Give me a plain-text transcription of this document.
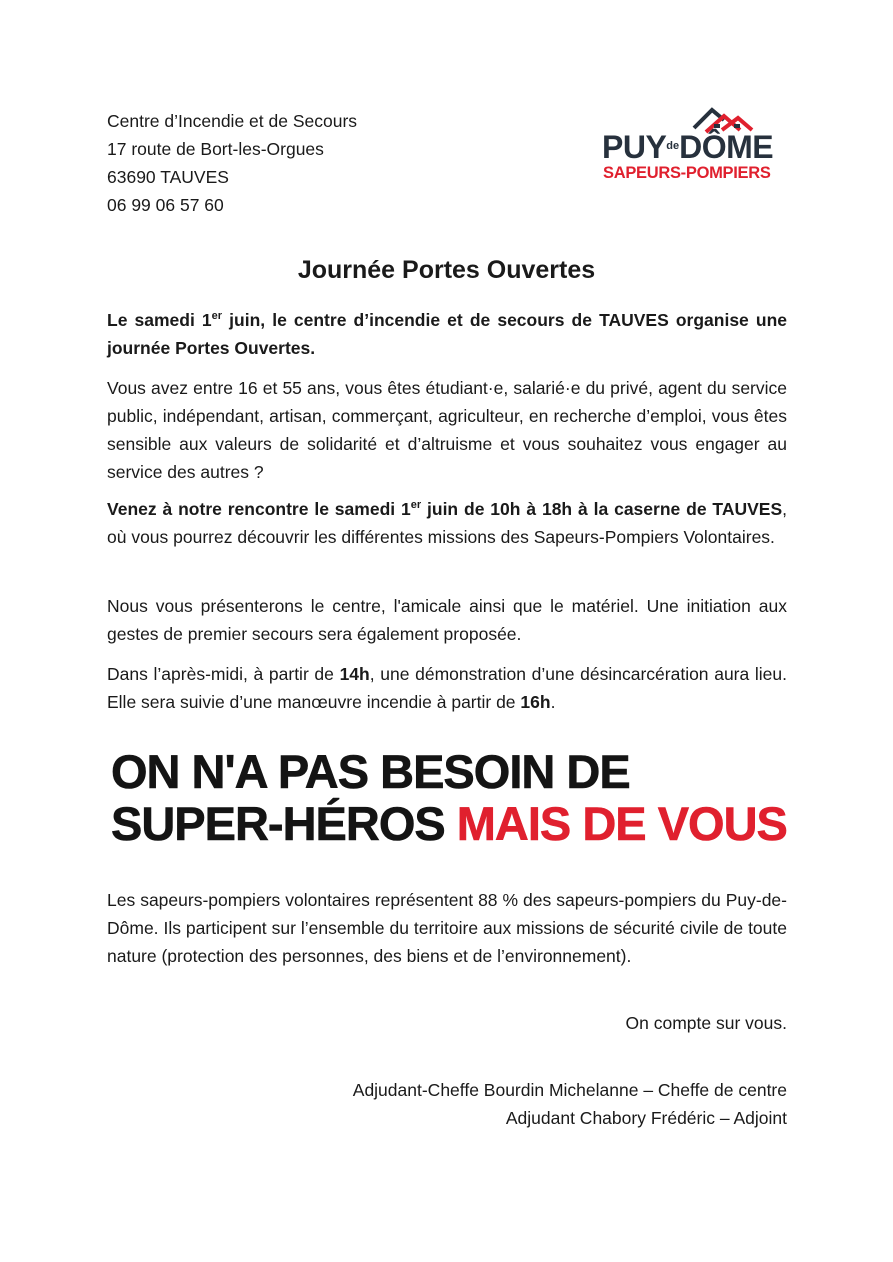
Centre d’Incendie et de Secours
17 route de Bort-les-Orgues
63690 TAUVES
06 99 06 57 60
PUYdeDÔME
SAPEURS-POMPIERS
Journée Portes Ouvertes
Le samedi 1er juin, le centre d’incendie et de secours de TAUVES organise une journée Portes Ouvertes.
Vous avez entre 16 et 55 ans, vous êtes étudiant·e, salarié·e du privé, agent du service public, indépendant, artisan, commerçant, agriculteur, en recherche d’emploi, vous êtes sensible aux valeurs de solidarité et d’altruisme et vous souhaitez vous engager au service des autres ?
Venez à notre rencontre le samedi 1er juin de 10h à 18h à la caserne de TAUVES, où vous pourrez découvrir les différentes missions des Sapeurs-Pompiers Volontaires.
Nous vous présenterons le centre, l'amicale ainsi que le matériel. Une initiation aux gestes de premier secours sera également proposée.
Dans l’après-midi, à partir de 14h, une démonstration d’une désincarcération aura lieu. Elle sera suivie d’une manœuvre incendie à partir de 16h.
ON N'A PAS BESOIN DE
SUPER-HÉROS MAIS DE VOUS
Les sapeurs-pompiers volontaires représentent 88 % des sapeurs-pompiers du Puy-de-Dôme. Ils participent sur l’ensemble du territoire aux missions de sécurité civile de toute nature (protection des personnes, des biens et de l’environnement).
On compte sur vous.
Adjudant-Cheffe Bourdin Michelanne – Cheffe de centre
Adjudant Chabory Frédéric – Adjoint
